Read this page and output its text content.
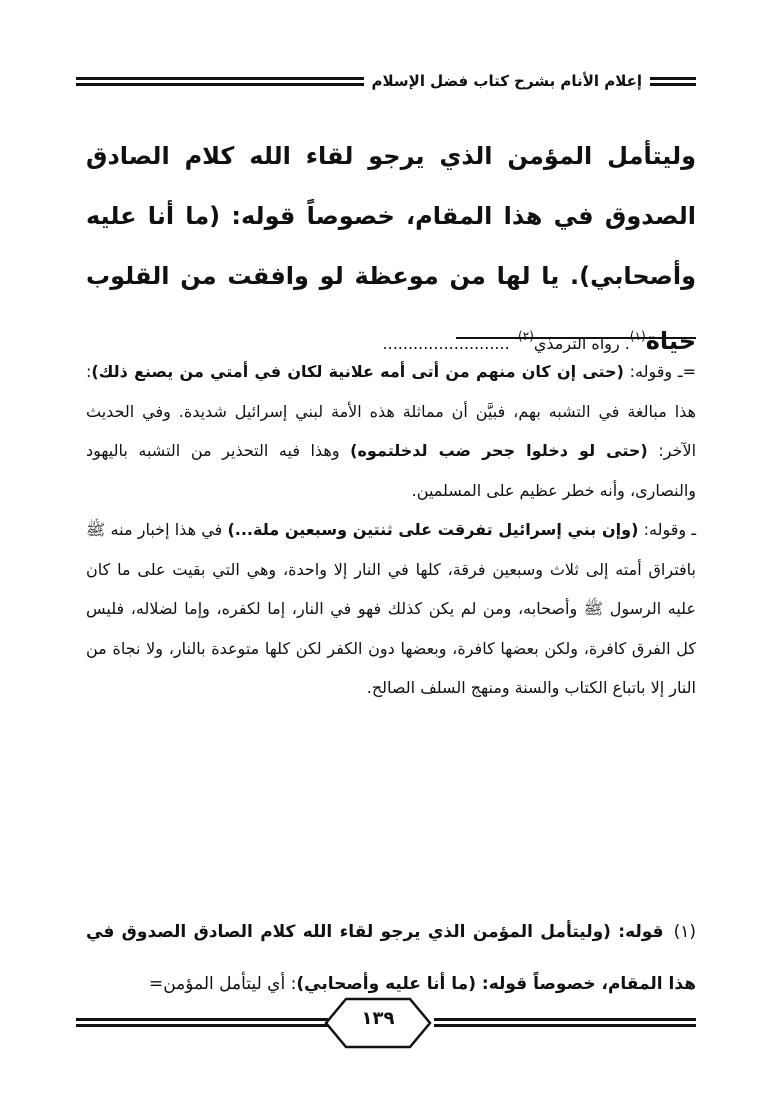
إعلام الأنام بشرح كتاب فضل الإسلام
وليتأمل المؤمن الذي يرجو لقاء الله كلام الصادق الصدوق في هذا المقام، خصوصاً قوله: (ما أنا عليه وأصحابي). يا لها من موعظة لو وافقت من القلوب حياة$^{(١)}$. رواه الترمذي$^{(٢)}$ .........................

=ـ وقوله: (حتى إن كان منهم من أتى أمه علانية لكان في أمتي من يصنع ذلك): هذا مبالغة في التشبه بهم، فبيَّن أن مماثلة هذه الأمة لبني إسرائيل شديدة. وفي الحديث الآخر: (حتى لو دخلوا جحر ضب لدخلتموه) وهذا فيه التحذير من التشبه باليهود والنصارى، وأنه خطر عظيم على المسلمين.

ـ وقوله: (وإن بني إسرائيل تفرقت على ثنتين وسبعين ملة...) في هذا إخبار منه ﷺ بافتراق أمته إلى ثلاث وسبعين فرقة، كلها في النار إلا واحدة، وهي التي بقيت على ما كان عليه الرسول ﷺ وأصحابه، ومن لم يكن كذلك فهو في النار، إما لكفره، وإما لضلاله، فليس كل الفرق كافرة، ولكن بعضها كافرة، وبعضها دون الكفر لكن كلها متوعدة بالنار، ولا نجاة من النار إلا باتباع الكتاب والسنة ومنهج السلف الصالح.

(١)قوله: (وليتأمل المؤمن الذي يرجو لقاء الله كلام الصادق الصدوق في هذا المقام، خصوصاً قوله: (ما أنا عليه وأصحابي): أي ليتأمل المؤمن=
١٣٩
